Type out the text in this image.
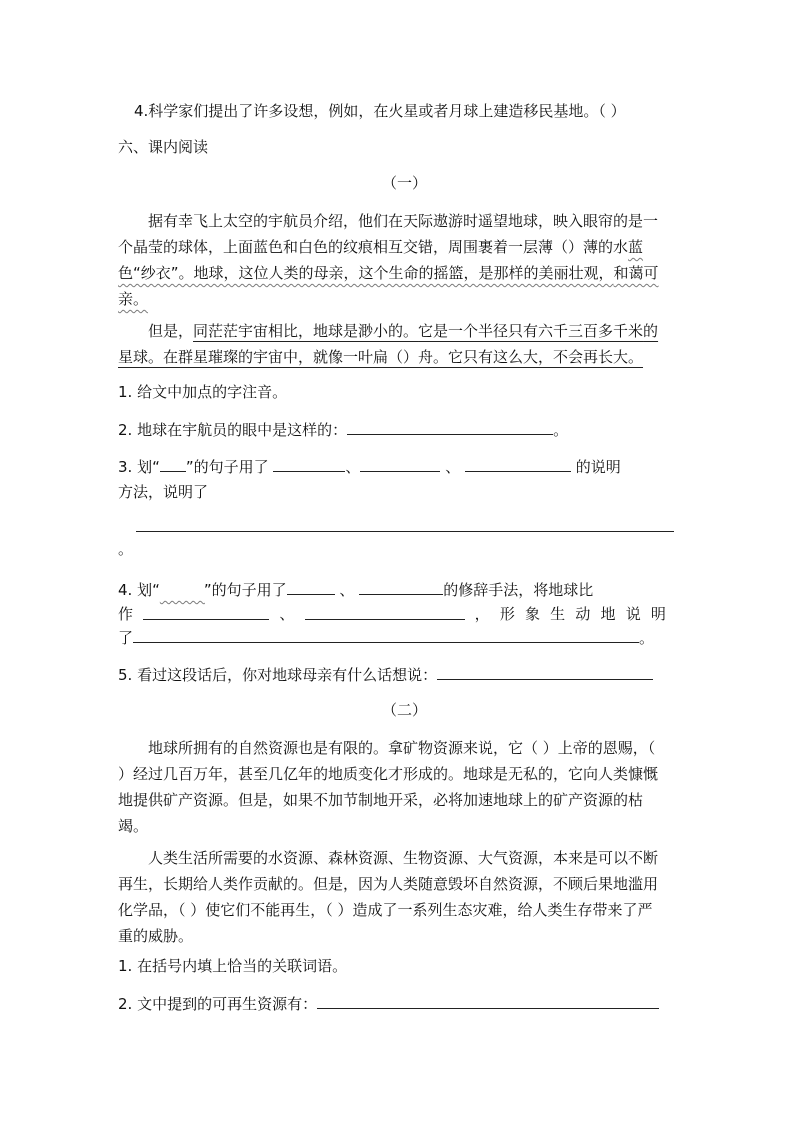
4.科学家们提出了许多设想，例如，在火星或者月球上建造移民基地。（ ）
六、课内阅读
（一）
据有幸飞上太空的宇航员介绍，他们在天际遨游时遥望地球，映入眼帘的是一个晶莹的球体，上面蓝色和白色的纹痕相互交错，周围裹着一层薄（）薄的水蓝色“纱衣”。地球，这位人类的母亲，这个生命的摇篮，是那样的美丽壮观，和蔼可亲。
但是，同茫茫宇宙相比，地球是渺小的。它是一个半径只有六千三百多千米的星球。在群星璀璨的宇宙中，就像一叶扁（）舟。它只有这么大，不会再长大。
1. 给文中加点的字注音。
2. 地球在宇航员的眼中是这样的：	。
3. 划“ ”的句子用了	、	、	的说明
方法，说明了
。
4. 划“　　　	”的句子用了	、	的修辞手法，将地球比
作	、	， 形 象 生 动 地 说 明
了	。
5. 看过这段话后，你对地球母亲有什么话想说：
（二）
地球所拥有的自然资源也是有限的。拿矿物资源来说，它（ ）上帝的恩赐，（ ）经过几百万年，甚至几亿年的地质变化才形成的。地球是无私的，它向人类慷慨地提供矿产资源。但是，如果不加节制地开采，必将加速地球上的矿产资源的枯竭。
人类生活所需要的水资源、森林资源、生物资源、大气资源，本来是可以不断再生，长期给人类作贡献的。但是，因为人类随意毁坏自然资源，不顾后果地滥用化学品，（ ）使它们不能再生，（ ）造成了一系列生态灾难，给人类生存带来了严重的威胁。
1. 在括号内填上恰当的关联词语。
2. 文中提到的可再生资源有：
